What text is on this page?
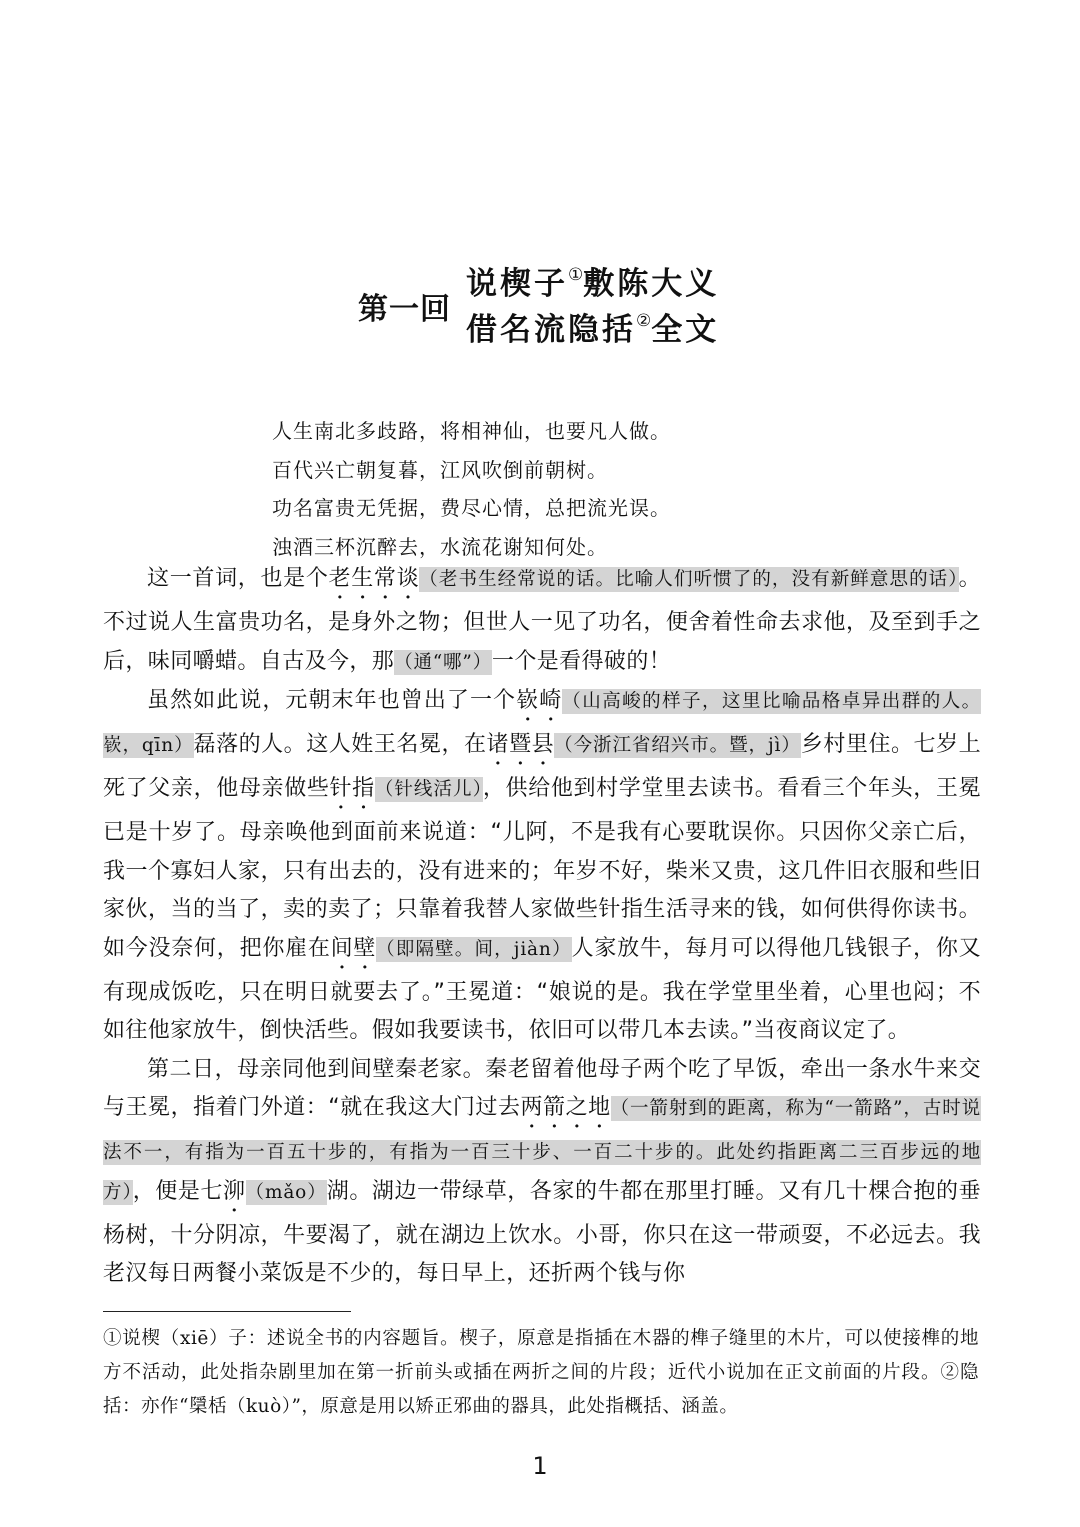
第一回
说楔子①敷陈大义
借名流隐括②全文
人生南北多歧路，将相神仙，也要凡人做。
百代兴亡朝复暮，江风吹倒前朝树。
功名富贵无凭据，费尽心情，总把流光误。
浊酒三杯沉醉去，水流花谢知何处。

这一首词，也是个老生常谈（老书生经常说的话。比喻人们听惯了的，没有新鲜意思的话）。不过说人生富贵功名，是身外之物；但世人一见了功名，便舍着性命去求他，及至到手之后，味同嚼蜡。自古及今，那（通“哪”）一个是看得破的！

虽然如此说，元朝末年也曾出了一个嵚崎（山高峻的样子，这里比喻品格卓异出群的人。嵚，qīn）磊落的人。这人姓王名冕，在诸暨县（今浙江省绍兴市。暨，jì）乡村里住。七岁上死了父亲，他母亲做些针指（针线活儿），供给他到村学堂里去读书。看看三个年头，王冕已是十岁了。母亲唤他到面前来说道：“儿阿，不是我有心要耽误你。只因你父亲亡后，我一个寡妇人家，只有出去的，没有进来的；年岁不好，柴米又贵，这几件旧衣服和些旧家伙，当的当了，卖的卖了；只靠着我替人家做些针指生活寻来的钱，如何供得你读书。如今没奈何，把你雇在间壁（即隔壁。间，jiàn）人家放牛，每月可以得他几钱银子，你又有现成饭吃，只在明日就要去了。”王冕道：“娘说的是。我在学堂里坐着，心里也闷；不如往他家放牛，倒快活些。假如我要读书，依旧可以带几本去读。”当夜商议定了。

第二日，母亲同他到间壁秦老家。秦老留着他母子两个吃了早饭，牵出一条水牛来交与王冕，指着门外道：“就在我这大门过去两箭之地（一箭射到的距离，称为“一箭路”，古时说法不一，有指为一百五十步的，有指为一百三十步、一百二十步的。此处约指距离二三百步远的地方），便是七泖（mǎo）湖。湖边一带绿草，各家的牛都在那里打睡。又有几十棵合抱的垂杨树，十分阴凉，牛要渴了，就在湖边上饮水。小哥，你只在这一带顽耍，不必远去。我老汉每日两餐小菜饭是不少的，每日早上，还折两个钱与你

①说楔（xiē）子：述说全书的内容题旨。楔子，原意是指插在木器的榫子缝里的木片，可以使接榫的地方不活动，此处指杂剧里加在第一折前头或插在两折之间的片段；近代小说加在正文前面的片段。②隐括：亦作“檃栝（kuò）”，原意是用以矫正邪曲的器具，此处指概括、涵盖。
1
